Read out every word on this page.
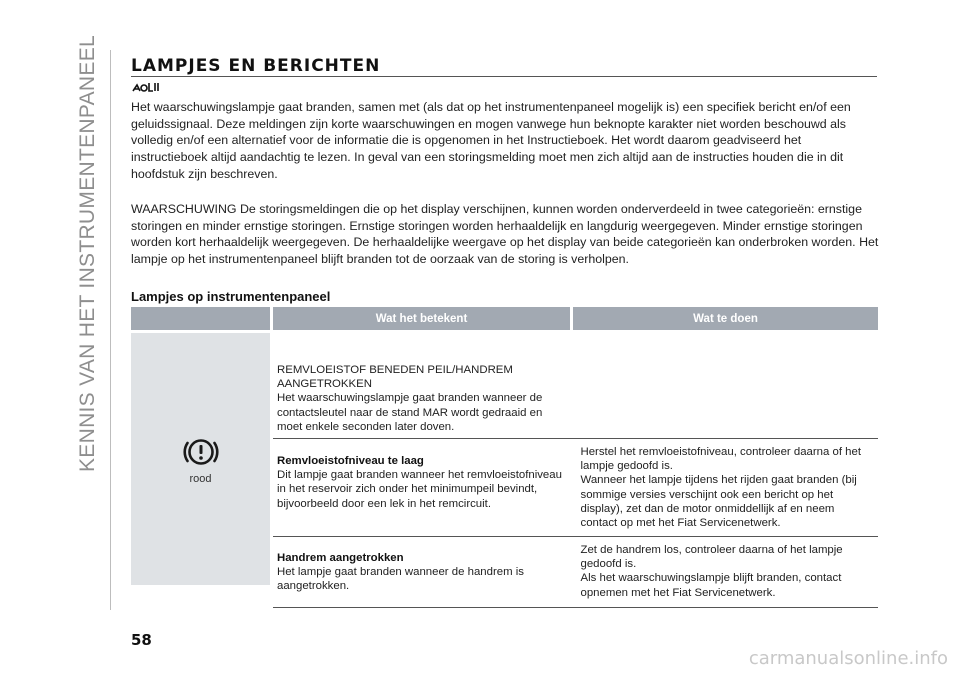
KENNIS VAN HET INSTRUMENTENPANEEL LAMPJES EN BERICHTEN
Het waarschuwingslampje gaat branden, samen met (als dat op het instrumentenpaneel mogelijk is) een specifiek bericht en/of een geluidssignaal. Deze meldingen zijn korte waarschuwingen en mogen vanwege hun beknopte karakter niet worden beschouwd als volledig en/of een alternatief voor de informatie die is opgenomen in het Instructieboek. Het wordt daarom geadviseerd het instructieboek altijd aandachtig te lezen. In geval van een storingsmelding moet men zich altijd aan de instructies houden die in dit hoofdstuk zijn beschreven.
WAARSCHUWING De storingsmeldingen die op het display verschijnen, kunnen worden onderverdeeld in twee categorieën: ernstige storingen en minder ernstige storingen. Ernstige storingen worden herhaaldelijk en langdurig weergegeven. Minder ernstige storingen worden kort herhaaldelijk weergegeven. De herhaaldelijke weergave op het display van beide categorieën kan onderbroken worden. Het lampje op het instrumentenpaneel blijft branden tot de oorzaak van de storing is verholpen.
Lampjes op instrumentenpaneel
Wat het betekent	Wat te doen
rood
REMVLOEISTOF BENEDEN PEIL/HANDREM AANGETROKKEN
Het waarschuwingslampje gaat branden wanneer de contactsleutel naar de stand MAR wordt gedraaid en moet enkele seconden later doven.
Remvloeistofniveau te laag
Dit lampje gaat branden wanneer het remvloeistofniveau in het reservoir zich onder het minimumpeil bevindt, bijvoorbeeld door een lek in het remcircuit.
Herstel het remvloeistofniveau, controleer daarna of het lampje gedoofd is.
Wanneer het lampje tijdens het rijden gaat branden (bij sommige versies verschijnt ook een bericht op het display), zet dan de motor onmiddellijk af en neem contact op met het Fiat Servicenetwerk.
Handrem aangetrokken
Het lampje gaat branden wanneer de handrem is aangetrokken.
Zet de handrem los, controleer daarna of het lampje gedoofd is.
Als het waarschuwingslampje blijft branden, contact opnemen met het Fiat Servicenetwerk.
58
carmanualsonline.info
